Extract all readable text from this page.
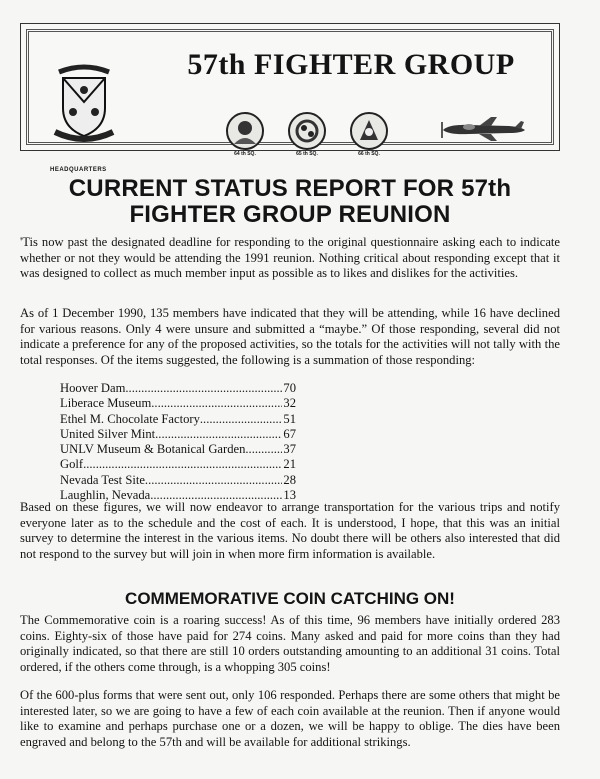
57th FIGHTER GROUP
HEADQUARTERS
64 th SQ.	65 th SQ.	66 th SQ.
CURRENT STATUS REPORT FOR 57th FIGHTER GROUP REUNION

'Tis now past the designated deadline for responding to the original questionnaire asking each to indicate whether or not they would be attending the 1991 reunion. Nothing critical about responding except that it was designed to collect as much member input as possible as to likes and dislikes for the activities.

As of 1 December 1990, 135 members have indicated that they will be attending, while 16 have declined for various reasons. Only 4 were unsure and submitted a “maybe.” Of those responding, several did not indicate a preference for any of the proposed activities, so the totals for the activities will not tally with the total responses. Of the items suggested, the following is a summation of those responding:

Hoover Dam .....	70
Liberace Museum .....	32
Ethel M. Chocolate Factory .....	51
United Silver Mint .....	67
UNLV Museum & Botanical Garden .....	37
Golf .....	21
Nevada Test Site .....	28
Laughlin, Nevada .....	13

Based on these figures, we will now endeavor to arrange transportation for the various trips and notify everyone later as to the schedule and the cost of each. It is understood, I hope, that this was an initial survey to determine the interest in the various items. No doubt there will be others also interested that did not respond to the survey but will join in when more firm information is available.

COMMEMORATIVE COIN CATCHING ON!

The Commemorative coin is a roaring success! As of this time, 96 members have initially ordered 283 coins. Eighty-six of those have paid for 274 coins. Many asked and paid for more coins than they had originally indicated, so that there are still 10 orders outstanding amounting to an additional 31 coins. Total ordered, if the others come through, is a whopping 305 coins!

Of the 600-plus forms that were sent out, only 106 responded. Perhaps there are some others that might be interested later, so we are going to have a few of each coin available at the reunion. Then if anyone would like to examine and perhaps purchase one or a dozen, we will be happy to oblige. The dies have been engraved and belong to the 57th and will be available for additional strikings.
